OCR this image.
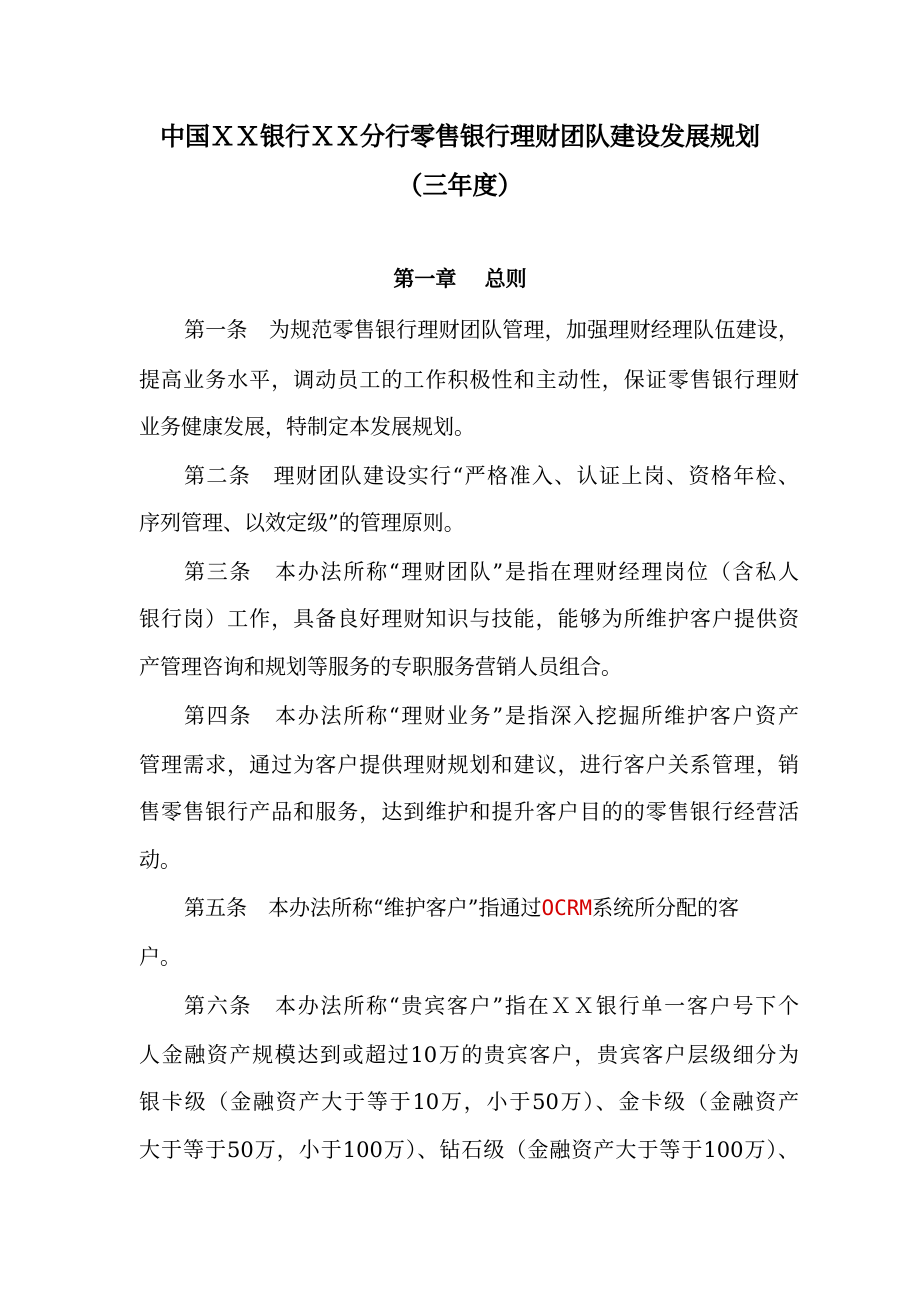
中国ＸＸ银行ＸＸ分行零售银行理财团队建设发展规划
（三年度）
第一章　 总则

第一条　为规范零售银行理财团队管理，加强理财经理队伍建设，

提高业务水平，调动员工的工作积极性和主动性，保证零售银行理财

业务健康发展，特制定本发展规划。

第二条　理财团队建设实行“严格准入、认证上岗、资格年检、

序列管理、以效定级”的管理原则。

第三条　本办法所称“理财团队”是指在理财经理岗位（含私人

银行岗）工作，具备良好理财知识与技能，能够为所维护客户提供资

产管理咨询和规划等服务的专职服务营销人员组合。

第四条　本办法所称“理财业务”是指深入挖掘所维护客户资产

管理需求，通过为客户提供理财规划和建议，进行客户关系管理，销

售零售银行产品和服务，达到维护和提升客户目的的零售银行经营活

动。

第五条　本办法所称“维护客户”指通过OCRM系统所分配的客

户。

第六条　本办法所称“贵宾客户”指在ＸＸ银行单一客户号下个

人金融资产规模达到或超过10万的贵宾客户，贵宾客户层级细分为

银卡级（金融资产大于等于10万，小于50万）、金卡级（金融资产

大于等于50万，小于100万）、钻石级（金融资产大于等于100万）、
